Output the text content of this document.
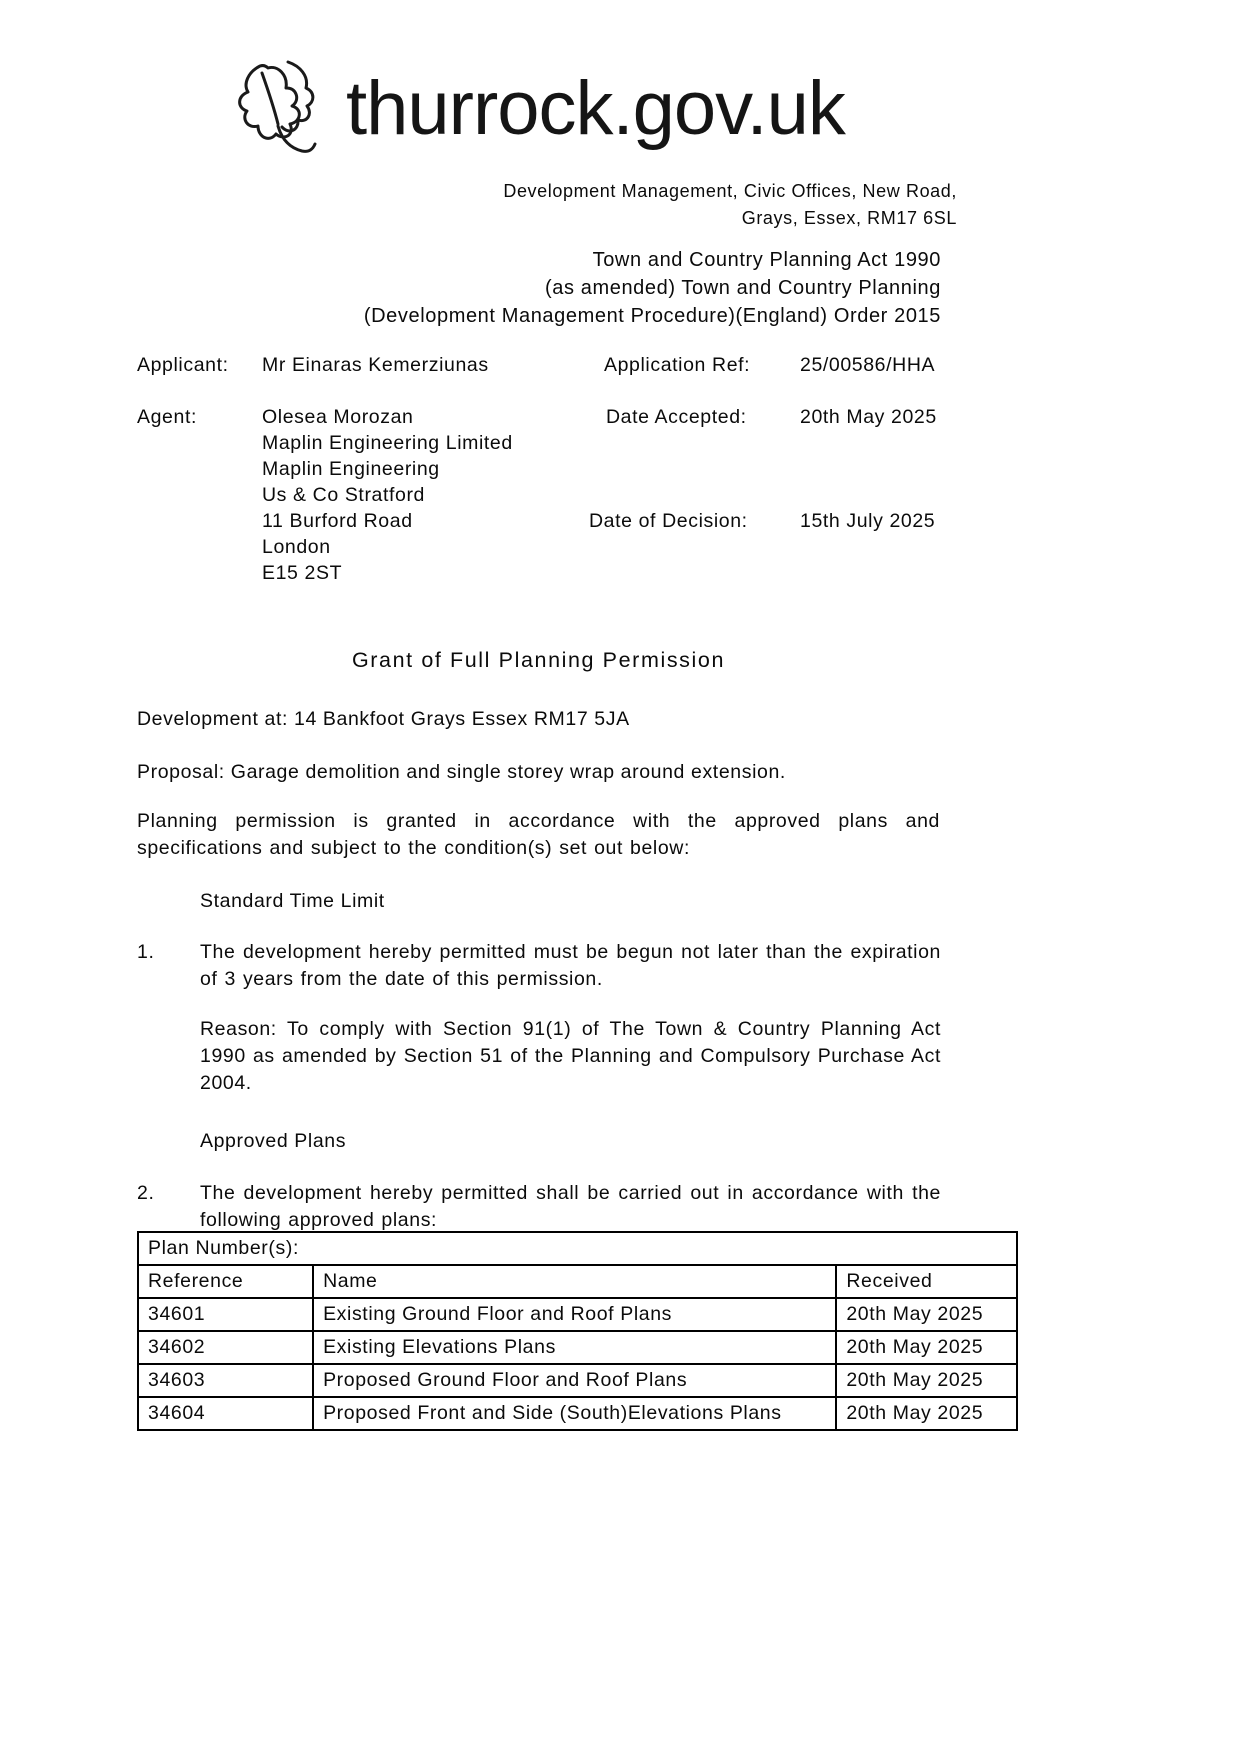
thurrock.gov.uk
Development Management, Civic Offices, New Road,
Grays, Essex, RM17 6SL
Town and Country Planning Act 1990
(as amended) Town and Country Planning
(Development Management Procedure)(England) Order 2015
Applicant: Mr Einaras Kemerziunas	Application Ref:	25/00586/HHA
Agent:	Olesea Morozan
Maplin Engineering Limited
Maplin Engineering
Us & Co Stratford
11 Burford Road
London
E15 2ST
Date Accepted:	20th May 2025
Date of Decision:	15th July 2025
Grant of Full Planning Permission
Development at: 14 Bankfoot Grays Essex RM17 5JA
Proposal: Garage demolition and single storey wrap around extension.
Planning permission is granted in accordance with the approved plans and specifications and subject to the condition(s) set out below:
Standard Time Limit
1. The development hereby permitted must be begun not later than the expiration of 3 years from the date of this permission.
Reason: To comply with Section 91(1) of The Town & Country Planning Act 1990 as amended by Section 51 of the Planning and Compulsory Purchase Act 2004.
Approved Plans
2. The development hereby permitted shall be carried out in accordance with the following approved plans:
Plan Number(s):		
Reference	Name	Received
34601	Existing Ground Floor and Roof Plans	20th May 2025
34602	Existing Elevations Plans	20th May 2025
34603	Proposed Ground Floor and Roof Plans	20th May 2025
34604	Proposed Front and Side (South)Elevations Plans	20th May 2025
